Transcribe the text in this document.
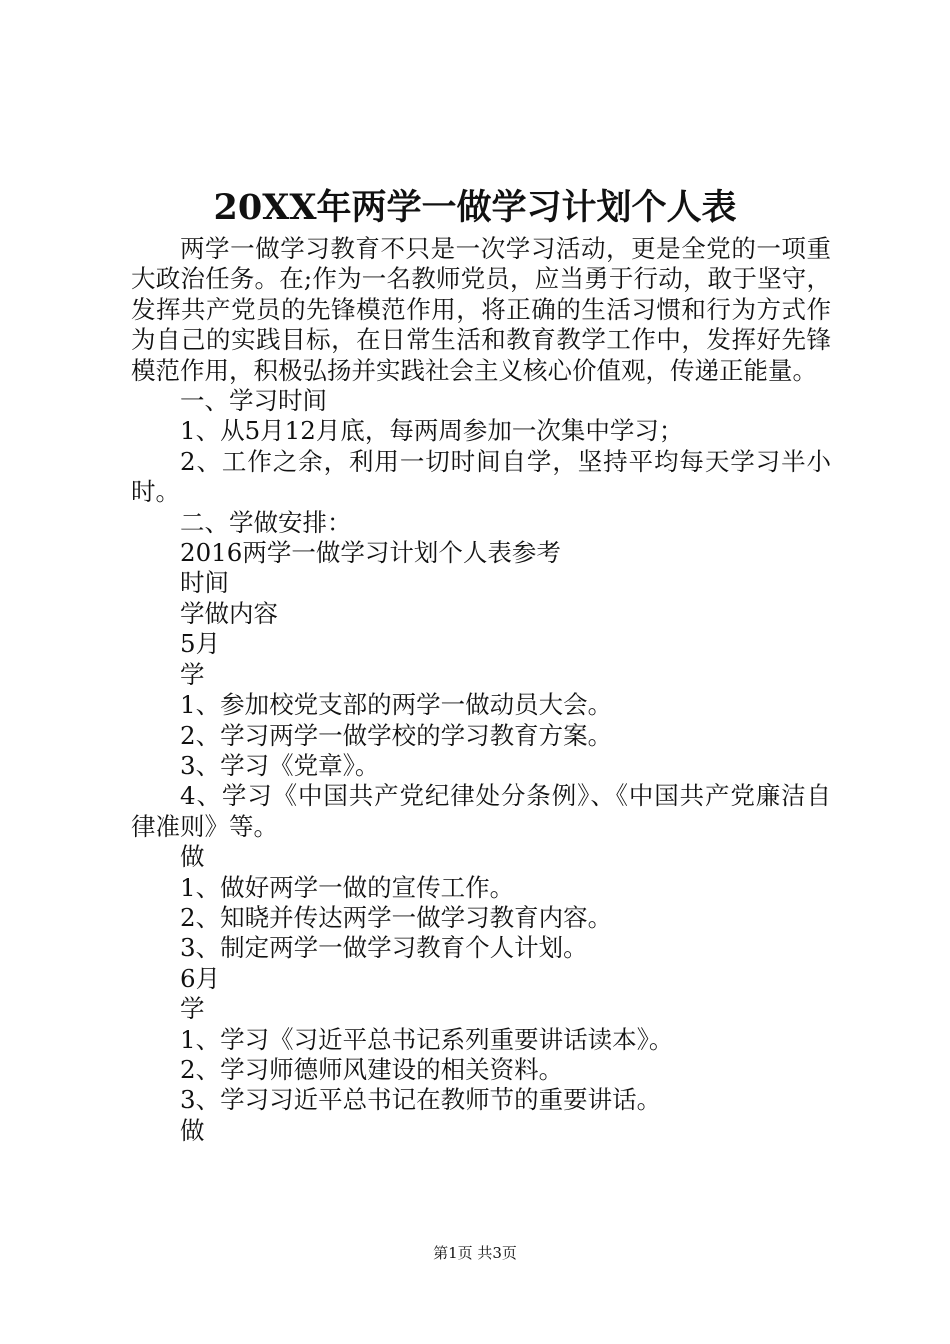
20XX年两学一做学习计划个人表

两学一做学习教育不只是一次学习活动，更是全党的一项重大政治任务。在;作为一名教师党员，应当勇于行动，敢于坚守，发挥共产党员的先锋模范作用，将正确的生活习惯和行为方式作为自己的实践目标，在日常生活和教育教学工作中，发挥好先锋模范作用，积极弘扬并实践社会主义核心价值观，传递正能量。

一、学习时间

1、从5月12月底，每两周参加一次集中学习；

2、工作之余，利用一切时间自学，坚持平均每天学习半小时。

二、学做安排：

2016两学一做学习计划个人表参考

时间

学做内容

5月

学

1、参加校党支部的两学一做动员大会。

2、学习两学一做学校的学习教育方案。

3、学习《党章》。

4、学习《中国共产党纪律处分条例》、《中国共产党廉洁自律准则》等。

做

1、做好两学一做的宣传工作。

2、知晓并传达两学一做学习教育内容。

3、制定两学一做学习教育个人计划。

6月

学

1、学习《习近平总书记系列重要讲话读本》。

2、学习师德师风建设的相关资料。

3、学习习近平总书记在教师节的重要讲话。

做

第1页 共3页
